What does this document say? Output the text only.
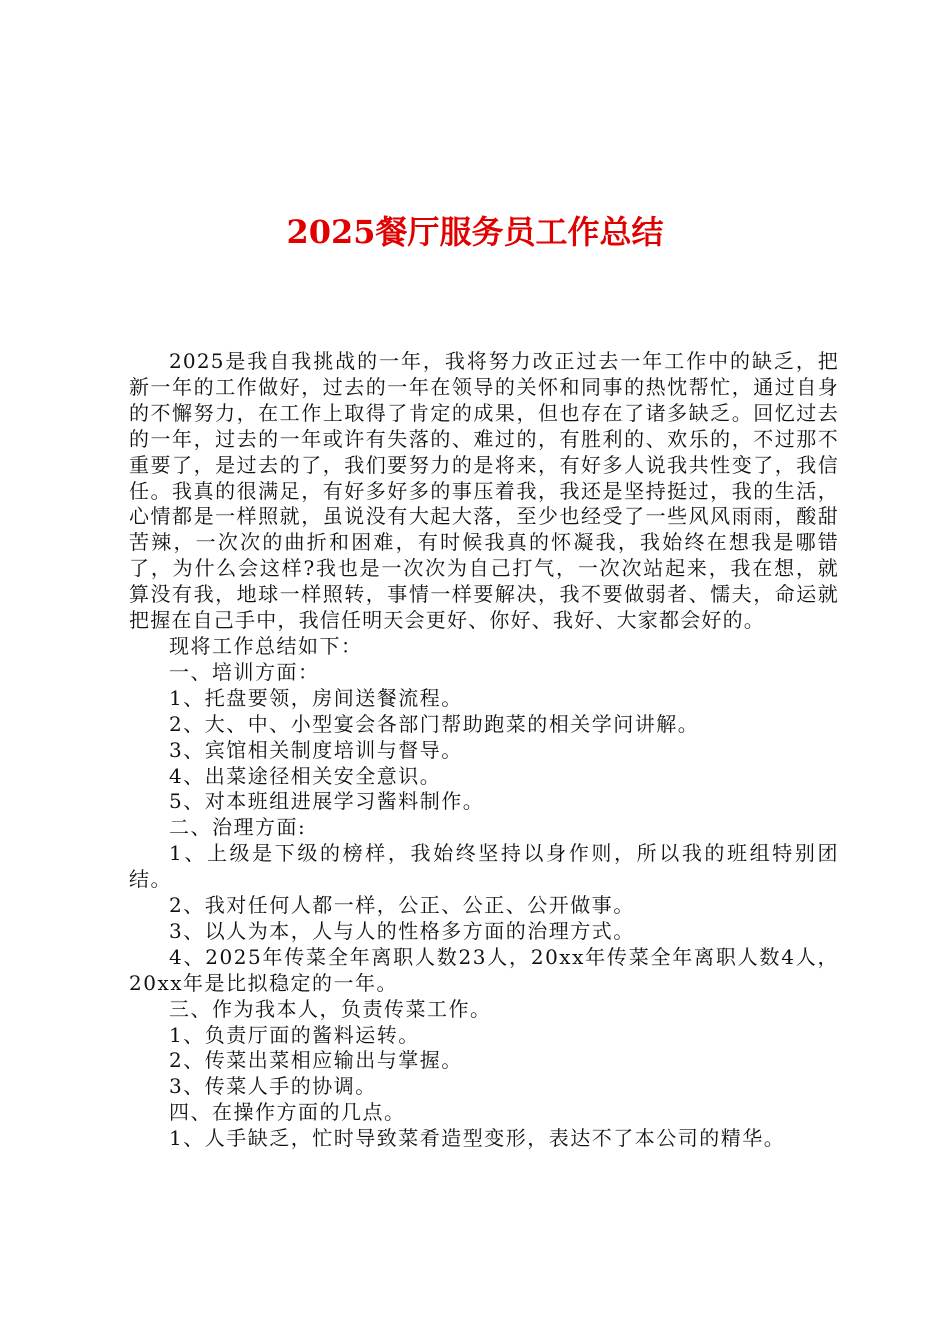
2025餐厅服务员工作总结

2025是我自我挑战的一年，我将努力改正过去一年工作中的缺乏，把新一年的工作做好，过去的一年在领导的关怀和同事的热忱帮忙，通过自身的不懈努力，在工作上取得了肯定的成果，但也存在了诸多缺乏。回忆过去的一年，过去的一年或许有失落的、难过的，有胜利的、欢乐的，不过那不重要了，是过去的了，我们要努力的是将来，有好多人说我共性变了，我信任。我真的很满足，有好多好多的事压着我，我还是坚持挺过，我的生活，心情都是一样照就，虽说没有大起大落，至少也经受了一些风风雨雨，酸甜苦辣，一次次的曲折和困难，有时候我真的怀凝我，我始终在想我是哪错了，为什么会这样?我也是一次次为自己打气，一次次站起来，我在想，就算没有我，地球一样照转，事情一样要解决，我不要做弱者、懦夫，命运就把握在自己手中，我信任明天会更好、你好、我好、大家都会好的。

现将工作总结如下：

一、培训方面：

1、托盘要领，房间送餐流程。

2、大、中、小型宴会各部门帮助跑菜的相关学问讲解。

3、宾馆相关制度培训与督导。

4、出菜途径相关安全意识。

5、对本班组进展学习酱料制作。

二、治理方面:

1、上级是下级的榜样，我始终坚持以身作则，所以我的班组特别团结。

2、我对任何人都一样，公正、公正、公开做事。

3、以人为本，人与人的性格多方面的治理方式。

4、2025年传菜全年离职人数23人，20xx年传菜全年离职人数4人，20xx年是比拟稳定的一年。

三、作为我本人，负责传菜工作。

1、负责厅面的酱料运转。

2、传菜出菜相应输出与掌握。

3、传菜人手的协调。

四、在操作方面的几点。

1、人手缺乏，忙时导致菜肴造型变形，表达不了本公司的精华。
